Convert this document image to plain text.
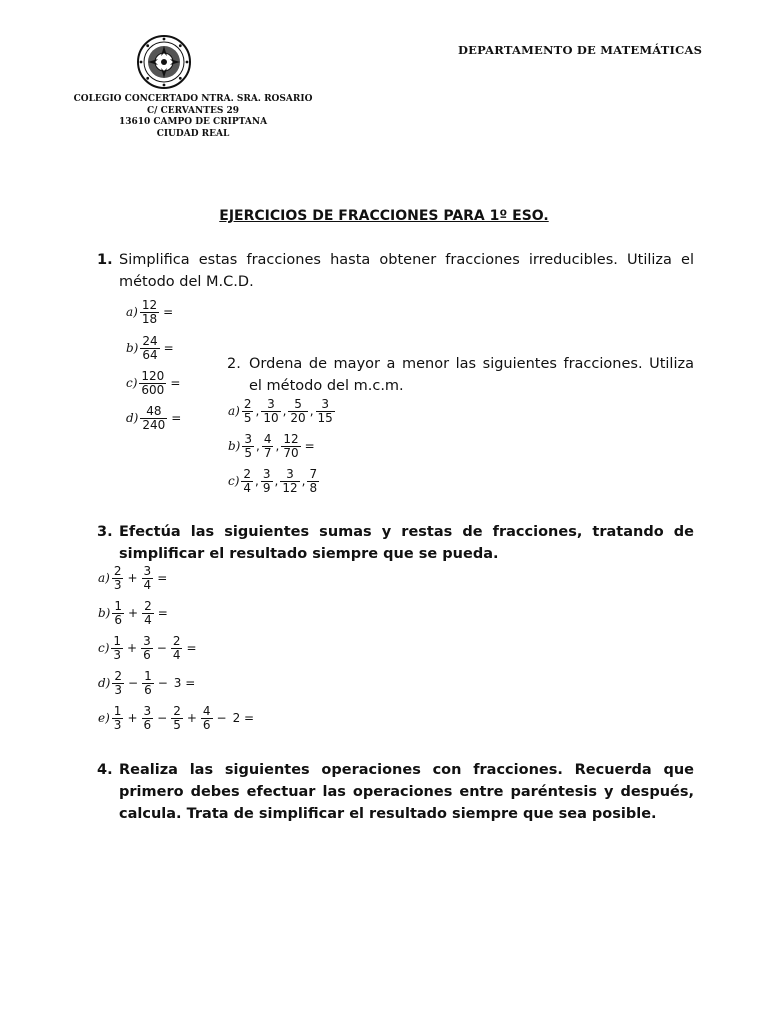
DEPARTAMENTO DE MATEMÁTICAS
COLEGIO CONCERTADO NTRA. SRA. ROSARIO
C/ CERVANTES 29
13610 CAMPO DE CRIPTANA
CIUDAD REAL
EJERCICIOS DE FRACCIONES PARA 1º ESO.
1. Simplifica estas fracciones hasta obtener fracciones irreducibles. Utiliza el método del M.C.D.
$a) \frac{12}{18}$ =
$b) \frac{24}{64}$ =
$c) \frac{120}{600}$ =
$d) \frac{48}{240}$ =
2. Ordena de mayor a menor las siguientes fracciones. Utiliza el método del m.c.m.
$a) \frac{2}{5}$ , $\frac{3}{10}$ , $\frac{5}{20}$ , $\frac{3}{15}$
$b) \frac{3}{5}$ , $\frac{4}{7}$ , $\frac{12}{70}$ =
$c) \frac{2}{4}$ , $\frac{3}{9}$ , $\frac{3}{12}$ , $\frac{7}{8}$
3. Efectúa las siguientes sumas y restas de fracciones, tratando de simplificar el resultado siempre que se pueda.
$a) \frac{2}{3} + \frac{3}{4}$ =
$b) \frac{1}{6} + \frac{2}{4}$ =
$c) \frac{1}{3} + \frac{3}{6} - \frac{2}{4}$ =
$d) \frac{2}{3} - \frac{1}{6} - 3$ =
$e) \frac{1}{3} + \frac{3}{6} - \frac{2}{5} + \frac{4}{6} - 2$ =
4. Realiza las siguientes operaciones con fracciones. Recuerda que primero debes efectuar las operaciones entre paréntesis y después, calcula. Trata de simplificar el resultado siempre que sea posible.
